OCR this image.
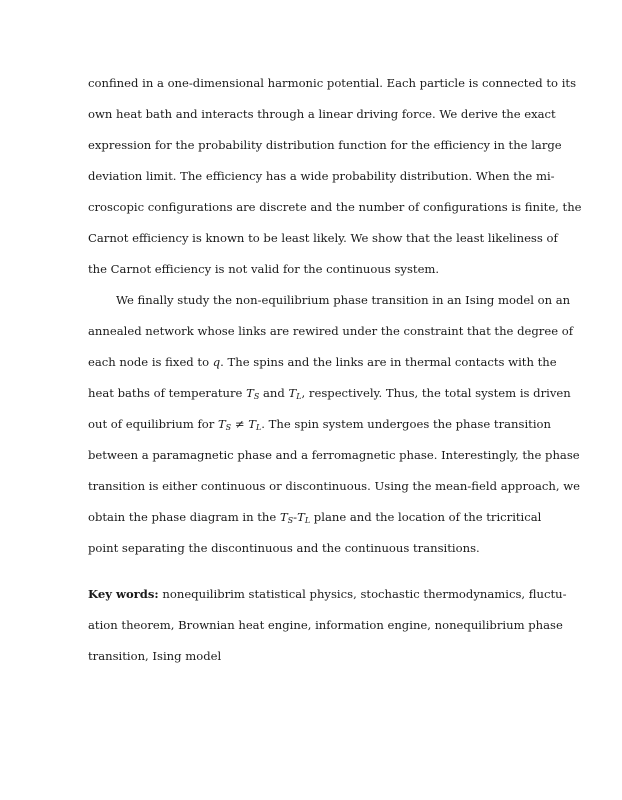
confined in a one-dimensional harmonic potential. Each particle is connected to its
own heat bath and interacts through a linear driving force. We derive the exact
expression for the probability distribution function for the efficiency in the large
deviation limit. The efficiency has a wide probability distribution. When the mi-
croscopic configurations are discrete and the number of configurations is finite, the
Carnot efficiency is known to be least likely. We show that the least likeliness of
the Carnot efficiency is not valid for the continuous system.
We finally study the non-equilibrium phase transition in an Ising model on an
annealed network whose links are rewired under the constraint that the degree of
each node is fixed to q. The spins and the links are in thermal contacts with the
heat baths of temperature $T_S$ and $T_L$, respectively. Thus, the total system is driven
out of equilibrium for $T_S \ne T_L$. The spin system undergoes the phase transition
between a paramagnetic phase and a ferromagnetic phase. Interestingly, the phase
transition is either continuous or discontinuous. Using the mean-field approach, we
obtain the phase diagram in the $T_S-T_L$ plane and the location of the tricritical
point separating the discontinuous and the continuous transitions.
Key words: nonequilibrim statistical physics, stochastic thermodynamics, fluctu-
ation theorem, Brownian heat engine, information engine, nonequilibrium phase
transition, Ising model
